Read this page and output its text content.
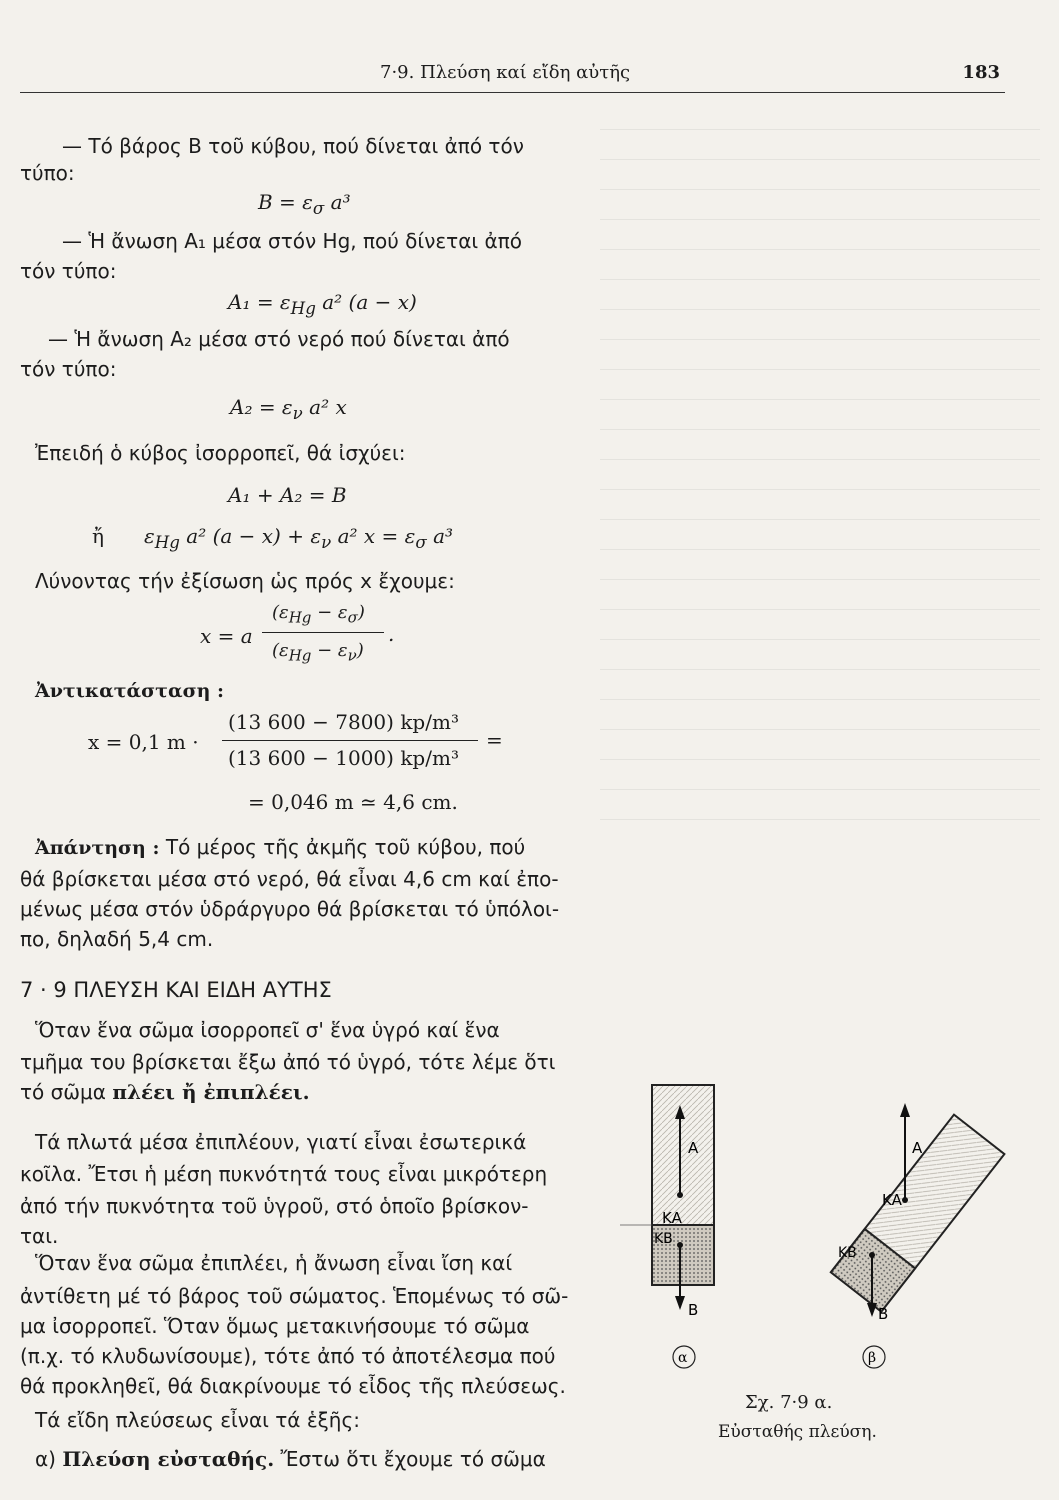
7·9. Πλεύση καί εἴδη αὐτῆς	183
— Τό βάρος B τοῦ κύβου, πού δίνεται ἀπό τόν
τύπο:
$B = \varepsilon_\sigma$ a³
— Ἡ ἄνωση A₁ μέσα στόν Hg, πού δίνεται ἀπό
τόν τύπο:
$A_1 = \varepsilon_{Hg}$ a² (a − x)
— Ἡ ἄνωση A₂ μέσα στό νερό πού δίνεται ἀπό
τόν τύπο:
$A_2 = \varepsilon_\nu$ a² x
Ἐπειδή ὁ κύβος ἰσορροπεῖ, θά ἰσχύει:
A₁ + A₂ = B
ἤ $\varepsilon_{Hg}$ a² $(a - x) + \varepsilon_\nu$ a² $x = \varepsilon_\sigma$ a³
Λύνοντας τήν ἐξίσωση ὡς πρός x ἔχουμε:
x = a
$(\varepsilon_{Hg} - \varepsilon_\sigma)$
.
$(\varepsilon_{Hg} - \varepsilon_\nu)$
Ἀντικατάσταση :
x = 0,1 m ·
(13 600 − 7800) kp/m³
(13 600 − 1000) kp/m³
=
= 0,046 m ≃ 4,6 cm.
Ἀπάντηση : Τό μέρος τῆς ἀκμῆς τοῦ κύβου, πού
θά βρίσκεται μέσα στό νερό, θά εἶναι 4,6 cm καί ἐπο-
μένως μέσα στόν ὑδράργυρο θά βρίσκεται τό ὑπόλοι-
πο, δηλαδή 5,4 cm.
7 · 9 ΠΛΕΥΣΗ ΚΑΙ ΕΙΔΗ ΑΥΤΗΣ
Ὅταν ἕνα σῶμα ἰσορροπεῖ σ' ἕνα ὑγρό καί ἕνα
τμῆμα του βρίσκεται ἔξω ἀπό τό ὑγρό, τότε λέμε ὅτι
τό σῶμα πλέει ἤ ἐπιπλέει.
Τά πλωτά μέσα ἐπιπλέουν, γιατί εἶναι ἐσωτερικά
κοῖλα. Ἔτσι ἡ μέση πυκνότητά τους εἶναι μικρότερη
ἀπό τήν πυκνότητα τοῦ ὑγροῦ, στό ὁποῖο βρίσκον-
ται.
Ὅταν ἕνα σῶμα ἐπιπλέει, ἡ ἄνωση εἶναι ἴση καί
ἀντίθετη μέ τό βάρος τοῦ σώματος. Ἑπομένως τό σῶ-
μα ἰσορροπεῖ. Ὅταν ὅμως μετακινήσουμε τό σῶμα
(π.χ. τό κλυδωνίσουμε), τότε ἀπό τό ἀποτέλεσμα πού
θά προκληθεῖ, θά διακρίνουμε τό εἶδος τῆς πλεύσεως.
Τά εἴδη πλεύσεως εἶναι τά ἑξῆς:
α) Πλεύση εὐσταθής. Ἔστω ὅτι ἔχουμε τό σῶμα
A
KA
KB
B
A
KA
KB
B
α	β
Σχ. 7·9 α.
Εὐσταθής πλεύση.
